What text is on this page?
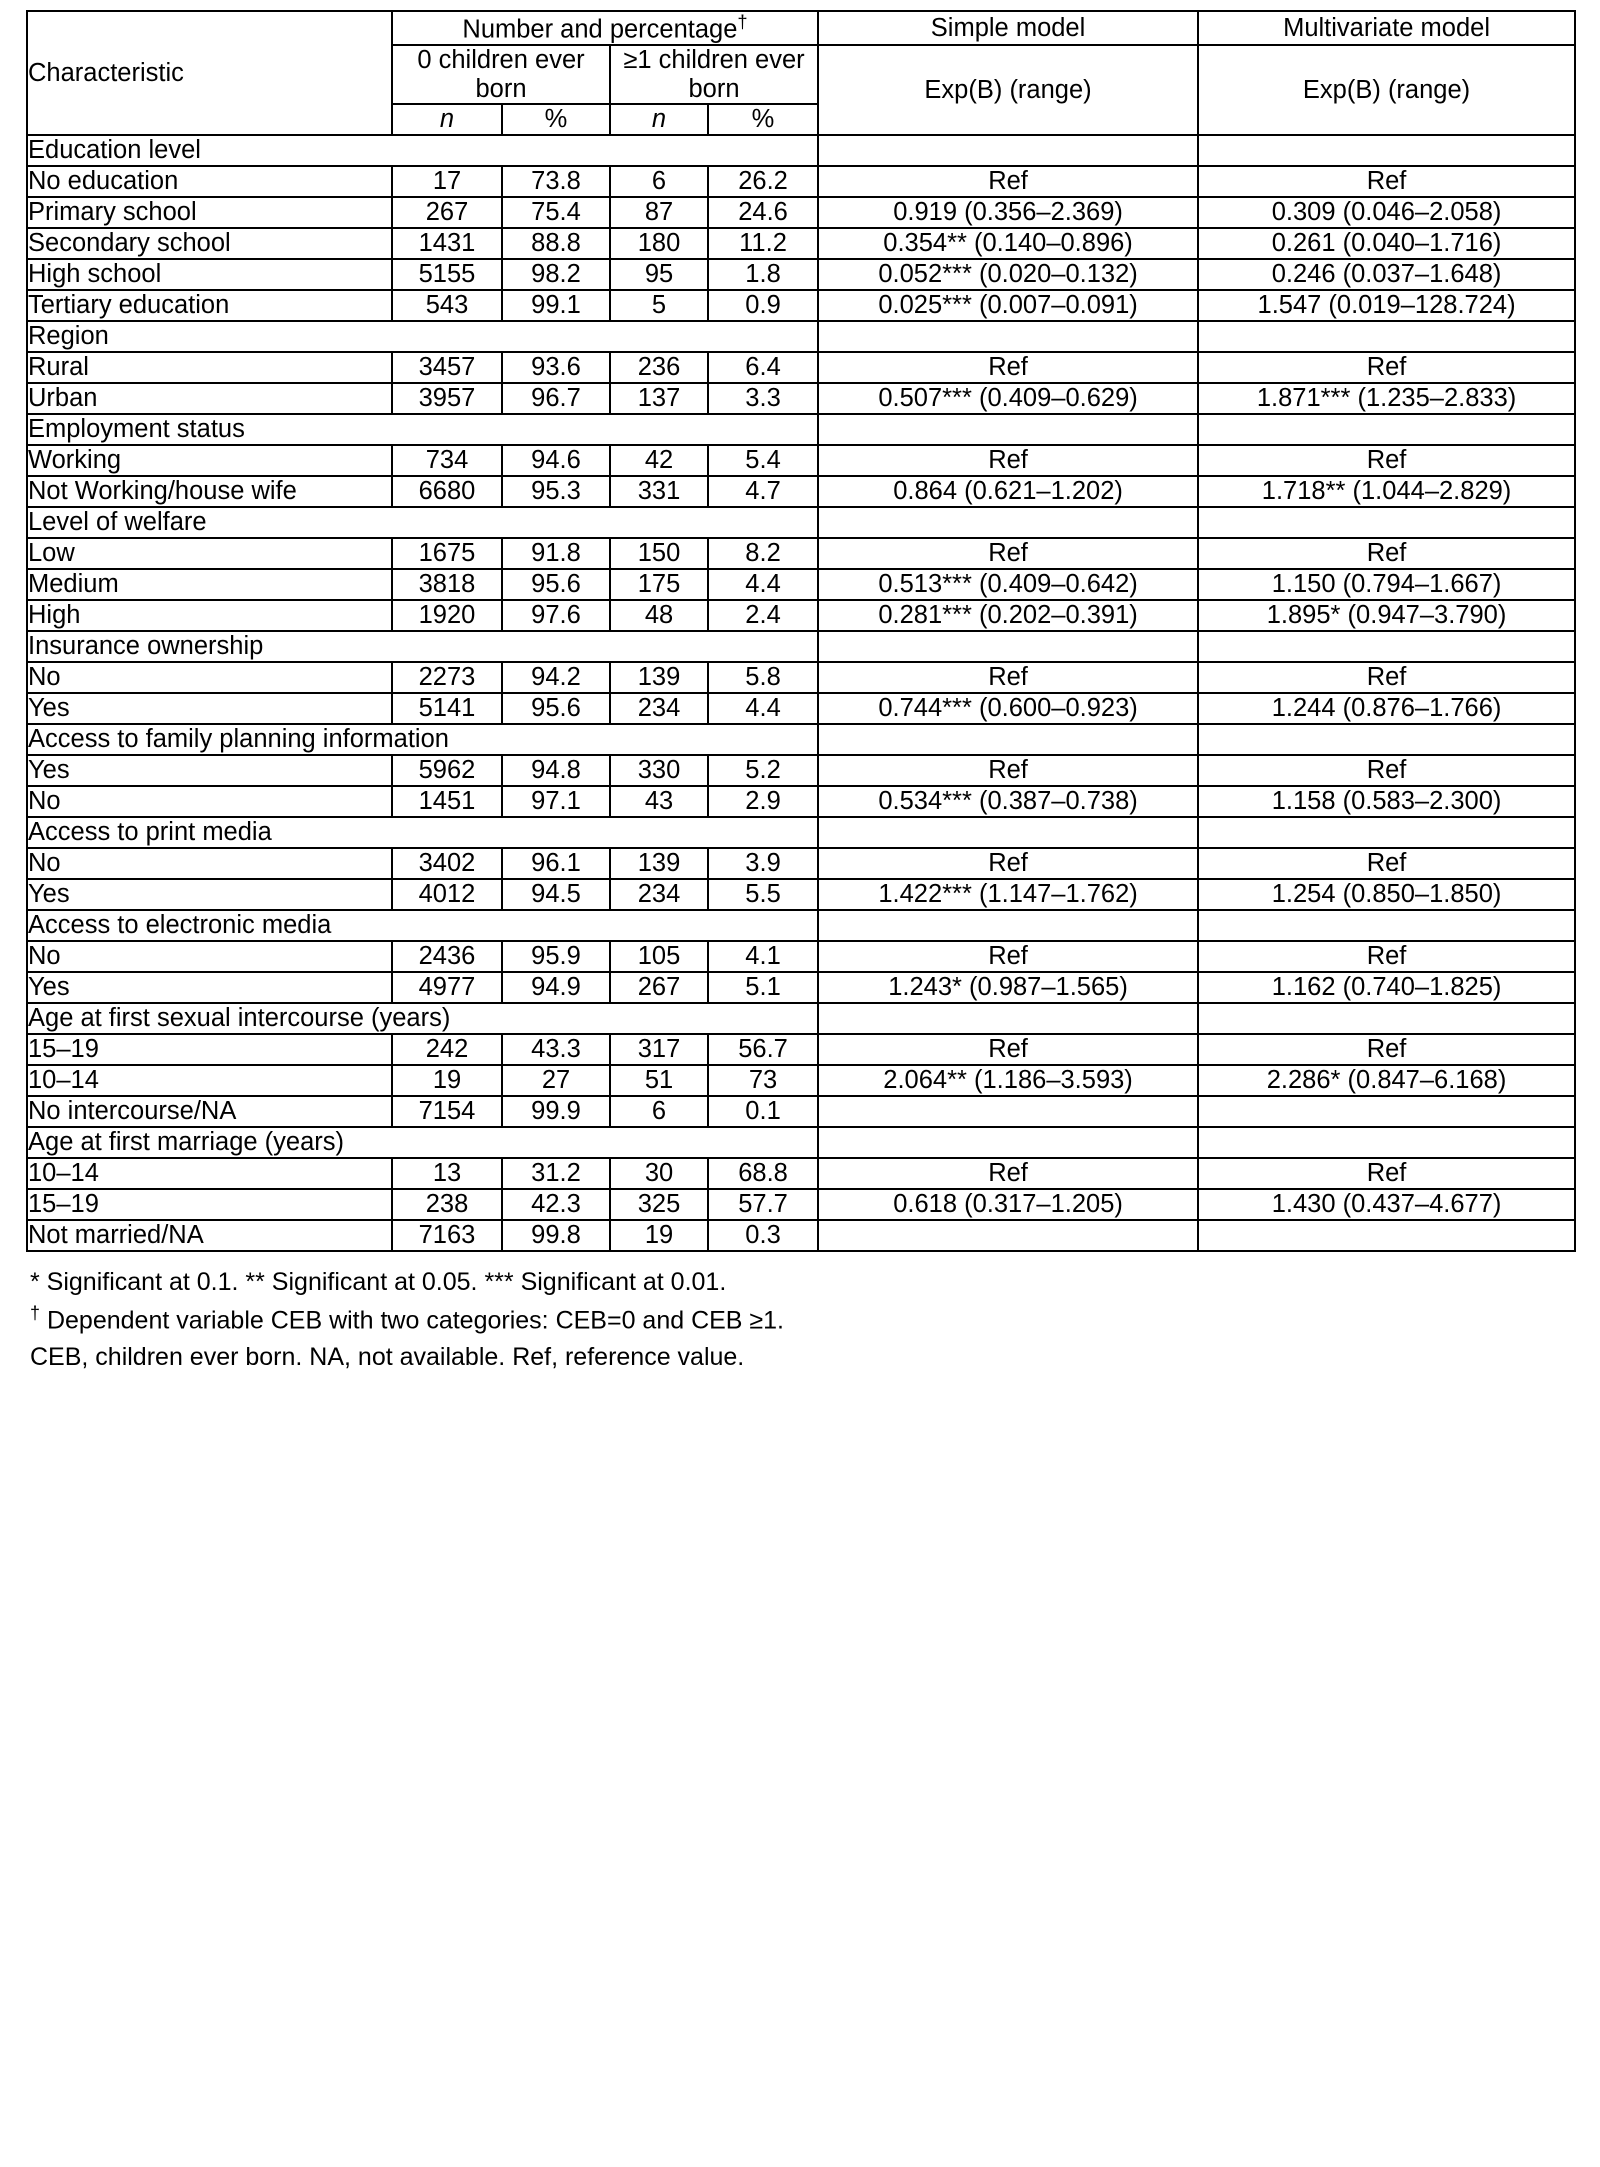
Characteristic	Number and percentage†				Simple model	Multivariate model
	0 children ever born		≥1 children ever born		Exp(B) (range)	Exp(B) (range)
	n	%	n	%		
Education level						
No education	17	73.8	6	26.2	Ref	Ref
Primary school	267	75.4	87	24.6	0.919 (0.356–2.369)	0.309 (0.046–2.058)
Secondary school	1431	88.8	180	11.2	0.354** (0.140–0.896)	0.261 (0.040–1.716)
High school	5155	98.2	95	1.8	0.052*** (0.020–0.132)	0.246 (0.037–1.648)
Tertiary education	543	99.1	5	0.9	0.025*** (0.007–0.091)	1.547 (0.019–128.724)
Region						
Rural	3457	93.6	236	6.4	Ref	Ref
Urban	3957	96.7	137	3.3	0.507*** (0.409–0.629)	1.871*** (1.235–2.833)
Employment status						
Working	734	94.6	42	5.4	Ref	Ref
Not Working/house wife	6680	95.3	331	4.7	0.864 (0.621–1.202)	1.718** (1.044–2.829)
Level of welfare						
Low	1675	91.8	150	8.2	Ref	Ref
Medium	3818	95.6	175	4.4	0.513*** (0.409–0.642)	1.150 (0.794–1.667)
High	1920	97.6	48	2.4	0.281*** (0.202–0.391)	1.895* (0.947–3.790)
Insurance ownership						
No	2273	94.2	139	5.8	Ref	Ref
Yes	5141	95.6	234	4.4	0.744*** (0.600–0.923)	1.244 (0.876–1.766)
Access to family planning information						
Yes	5962	94.8	330	5.2	Ref	Ref
No	1451	97.1	43	2.9	0.534*** (0.387–0.738)	1.158 (0.583–2.300)
Access to print media						
No	3402	96.1	139	3.9	Ref	Ref
Yes	4012	94.5	234	5.5	1.422*** (1.147–1.762)	1.254 (0.850–1.850)
Access to electronic media						
No	2436	95.9	105	4.1	Ref	Ref
Yes	4977	94.9	267	5.1	1.243* (0.987–1.565)	1.162 (0.740–1.825)
Age at first sexual intercourse (years)						
15–19	242	43.3	317	56.7	Ref	Ref
10–14	19	27	51	73	2.064** (1.186–3.593)	2.286* (0.847–6.168)
No intercourse/NA	7154	99.9	6	0.1		
Age at first marriage (years)						
10–14	13	31.2	30	68.8	Ref	Ref
15–19	238	42.3	325	57.7	0.618 (0.317–1.205)	1.430 (0.437–4.677)
Not married/NA	7163	99.8	19	0.3		
* Significant at 0.1. ** Significant at 0.05. *** Significant at 0.01.
† Dependent variable CEB with two categories: CEB=0 and CEB ≥1.
CEB, children ever born. NA, not available. Ref, reference value.
